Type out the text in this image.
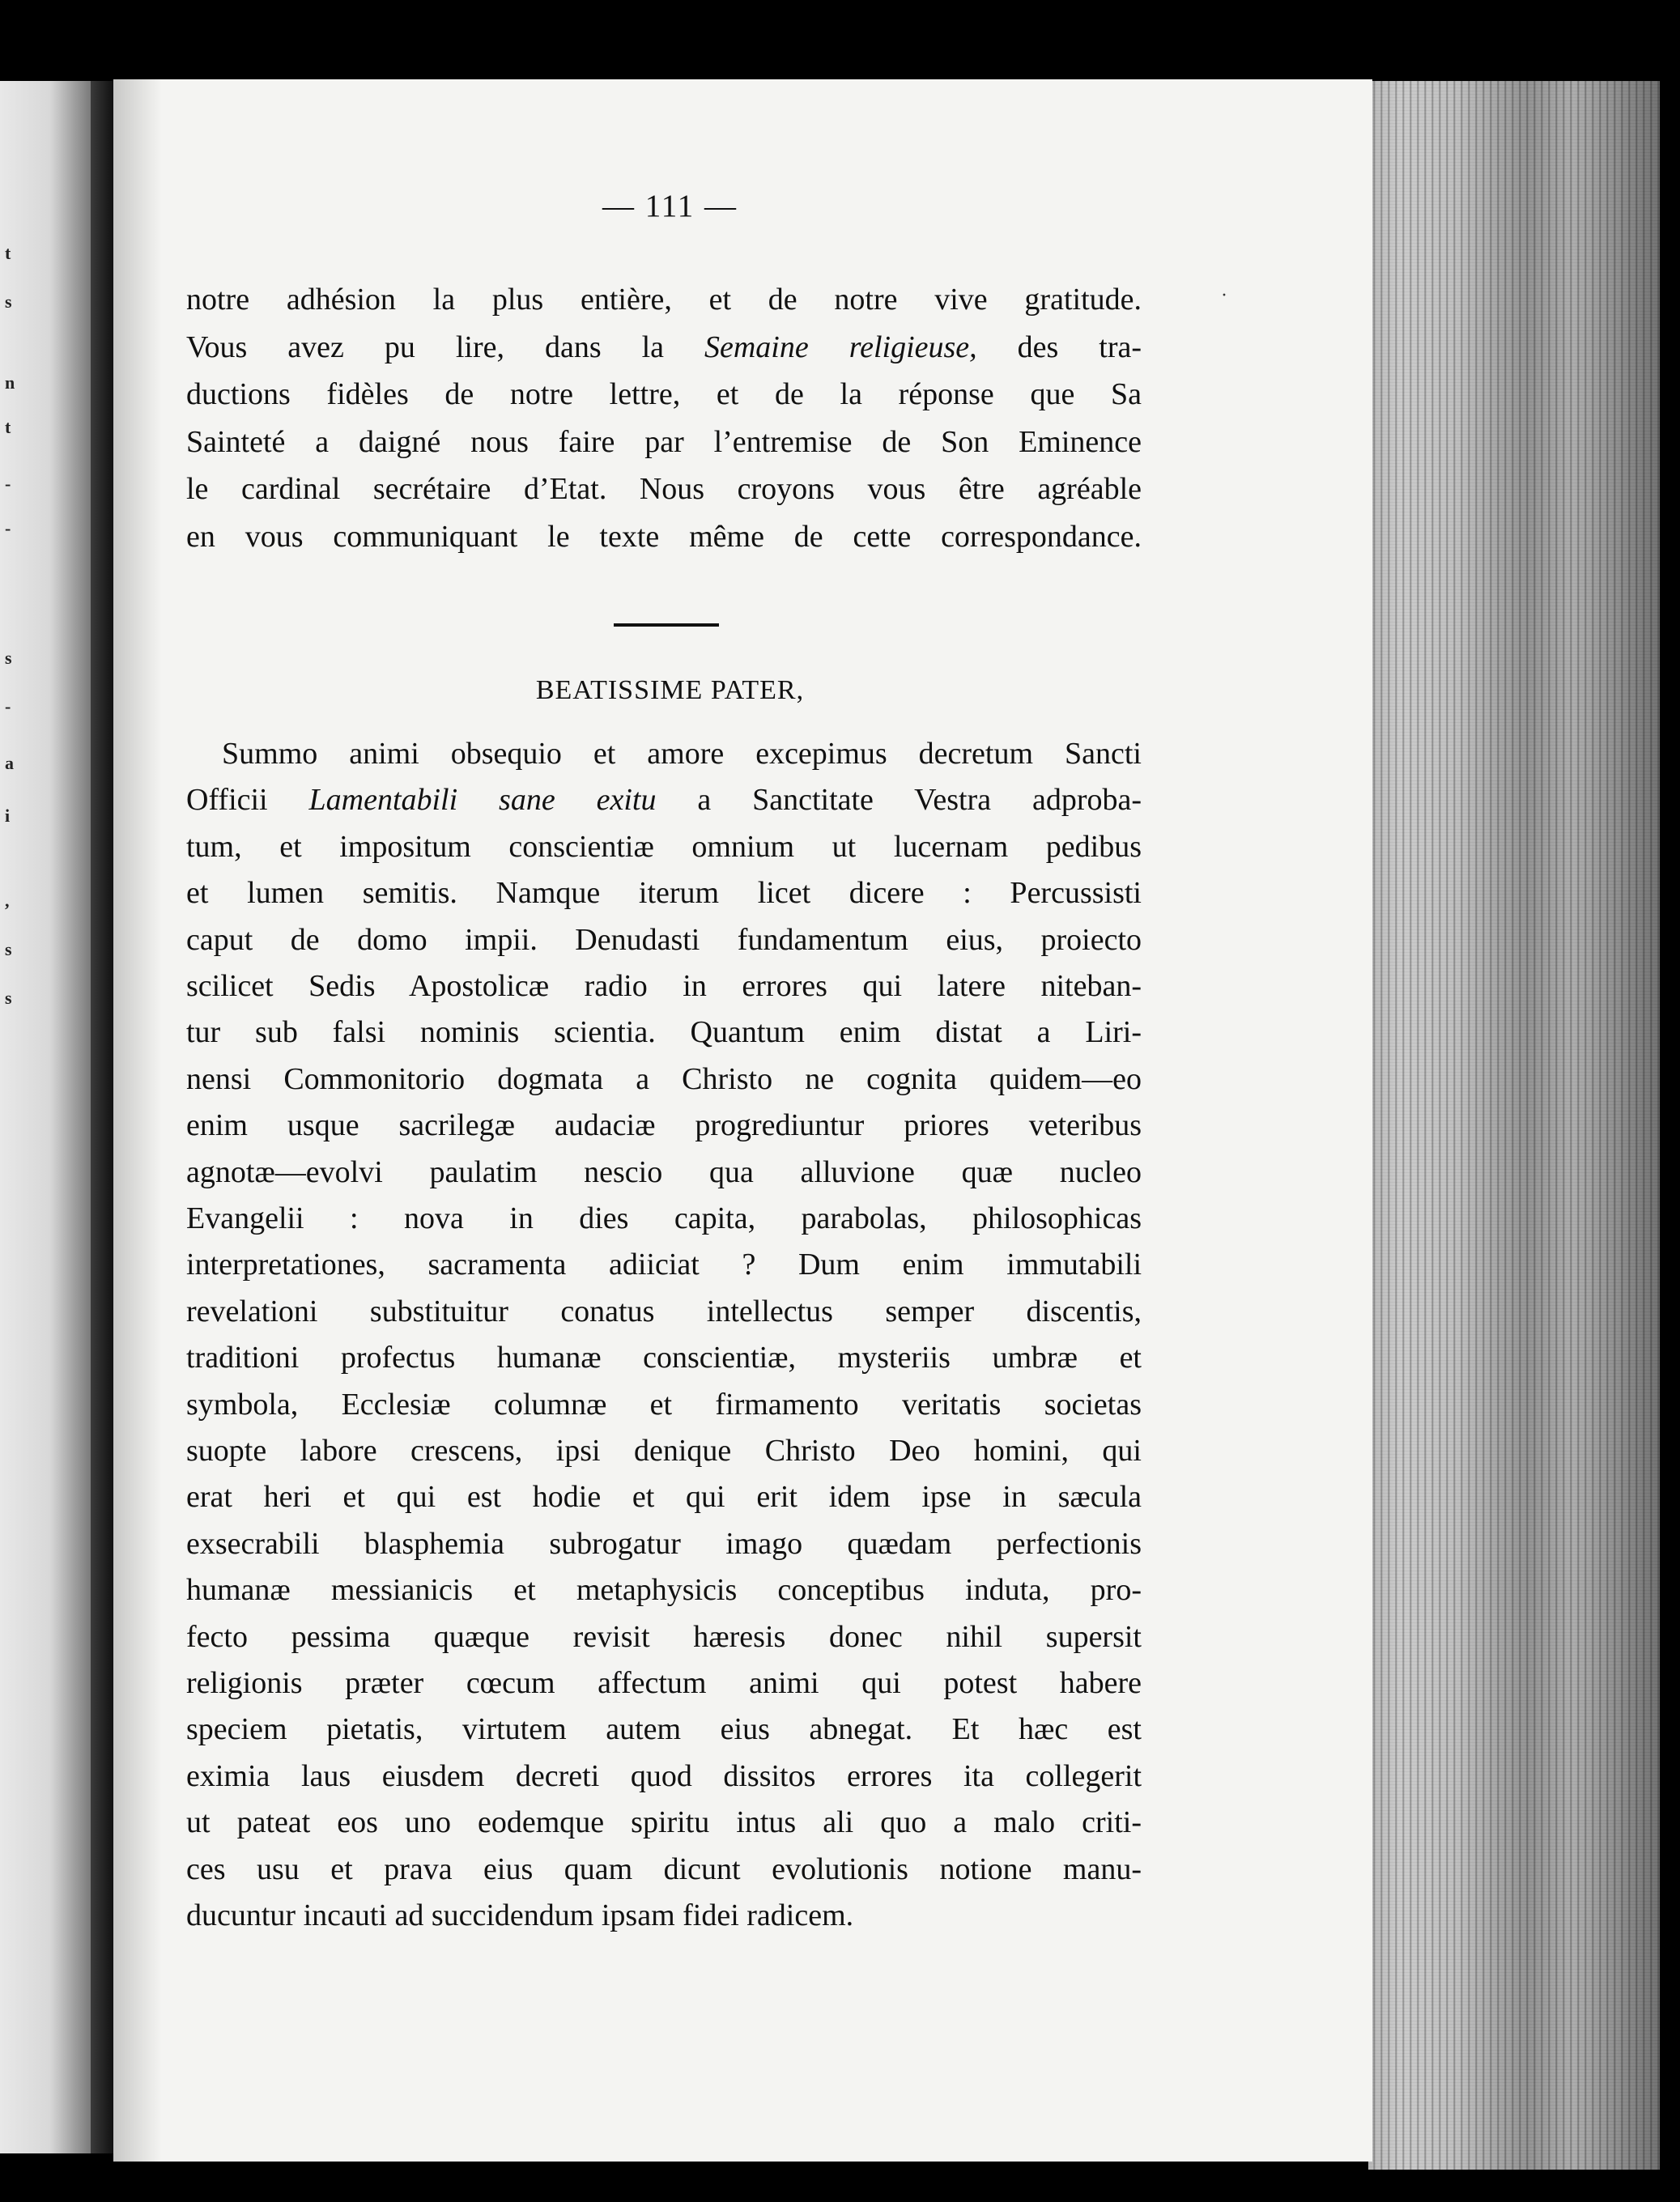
t
s
n
t
-
-
s
-
a
i
,
s
s
— 111 —
notre adhésion la plus entière, et de notre vive gratitude.
Vous avez pu lire, dans la Semaine religieuse, des tra-
ductions fidèles de notre lettre, et de la réponse que Sa
Sainteté a daigné nous faire par l’entremise de Son Eminence
le cardinal secrétaire d’Etat. Nous croyons vous être agréable
en vous communiquant le texte même de cette correspondance.
BEATISSIME PATER,
Summo animi obsequio et amore excepimus decretum Sancti
Officii Lamentabili sane exitu a Sanctitate Vestra adproba-
tum, et impositum conscientiæ omnium ut lucernam pedibus
et lumen semitis. Namque iterum licet dicere : Percussisti
caput de domo impii. Denudasti fundamentum eius, proiecto
scilicet Sedis Apostolicæ radio in errores qui latere niteban-
tur sub falsi nominis scientia. Quantum enim distat a Liri-
nensi Commonitorio dogmata a Christo ne cognita quidem—eo
enim usque sacrilegæ audaciæ progrediuntur priores veteribus
agnotæ—evolvi paulatim nescio qua alluvione quæ nucleo
Evangelii : nova in dies capita, parabolas, philosophicas
interpretationes, sacramenta adiiciat ? Dum enim immutabili
revelationi substituitur conatus intellectus semper discentis,
traditioni profectus humanæ conscientiæ, mysteriis umbræ et
symbola, Ecclesiæ columnæ et firmamento veritatis societas
suopte labore crescens, ipsi denique Christo Deo homini, qui
erat heri et qui est hodie et qui erit idem ipse in sæcula
exsecrabili blasphemia subrogatur imago quædam perfectionis
humanæ messianicis et metaphysicis conceptibus induta, pro-
fecto pessima quæque revisit hæresis donec nihil supersit
religionis præter cœcum affectum animi qui potest habere
speciem pietatis, virtutem autem eius abnegat. Et hæc est
eximia laus eiusdem decreti quod dissitos errores ita collegerit
ut pateat eos uno eodemque spiritu intus ali quo a malo criti-
ces usu et prava eius quam dicunt evolutionis notione manu-
ducuntur incauti ad succidendum ipsam fidei radicem.
·
